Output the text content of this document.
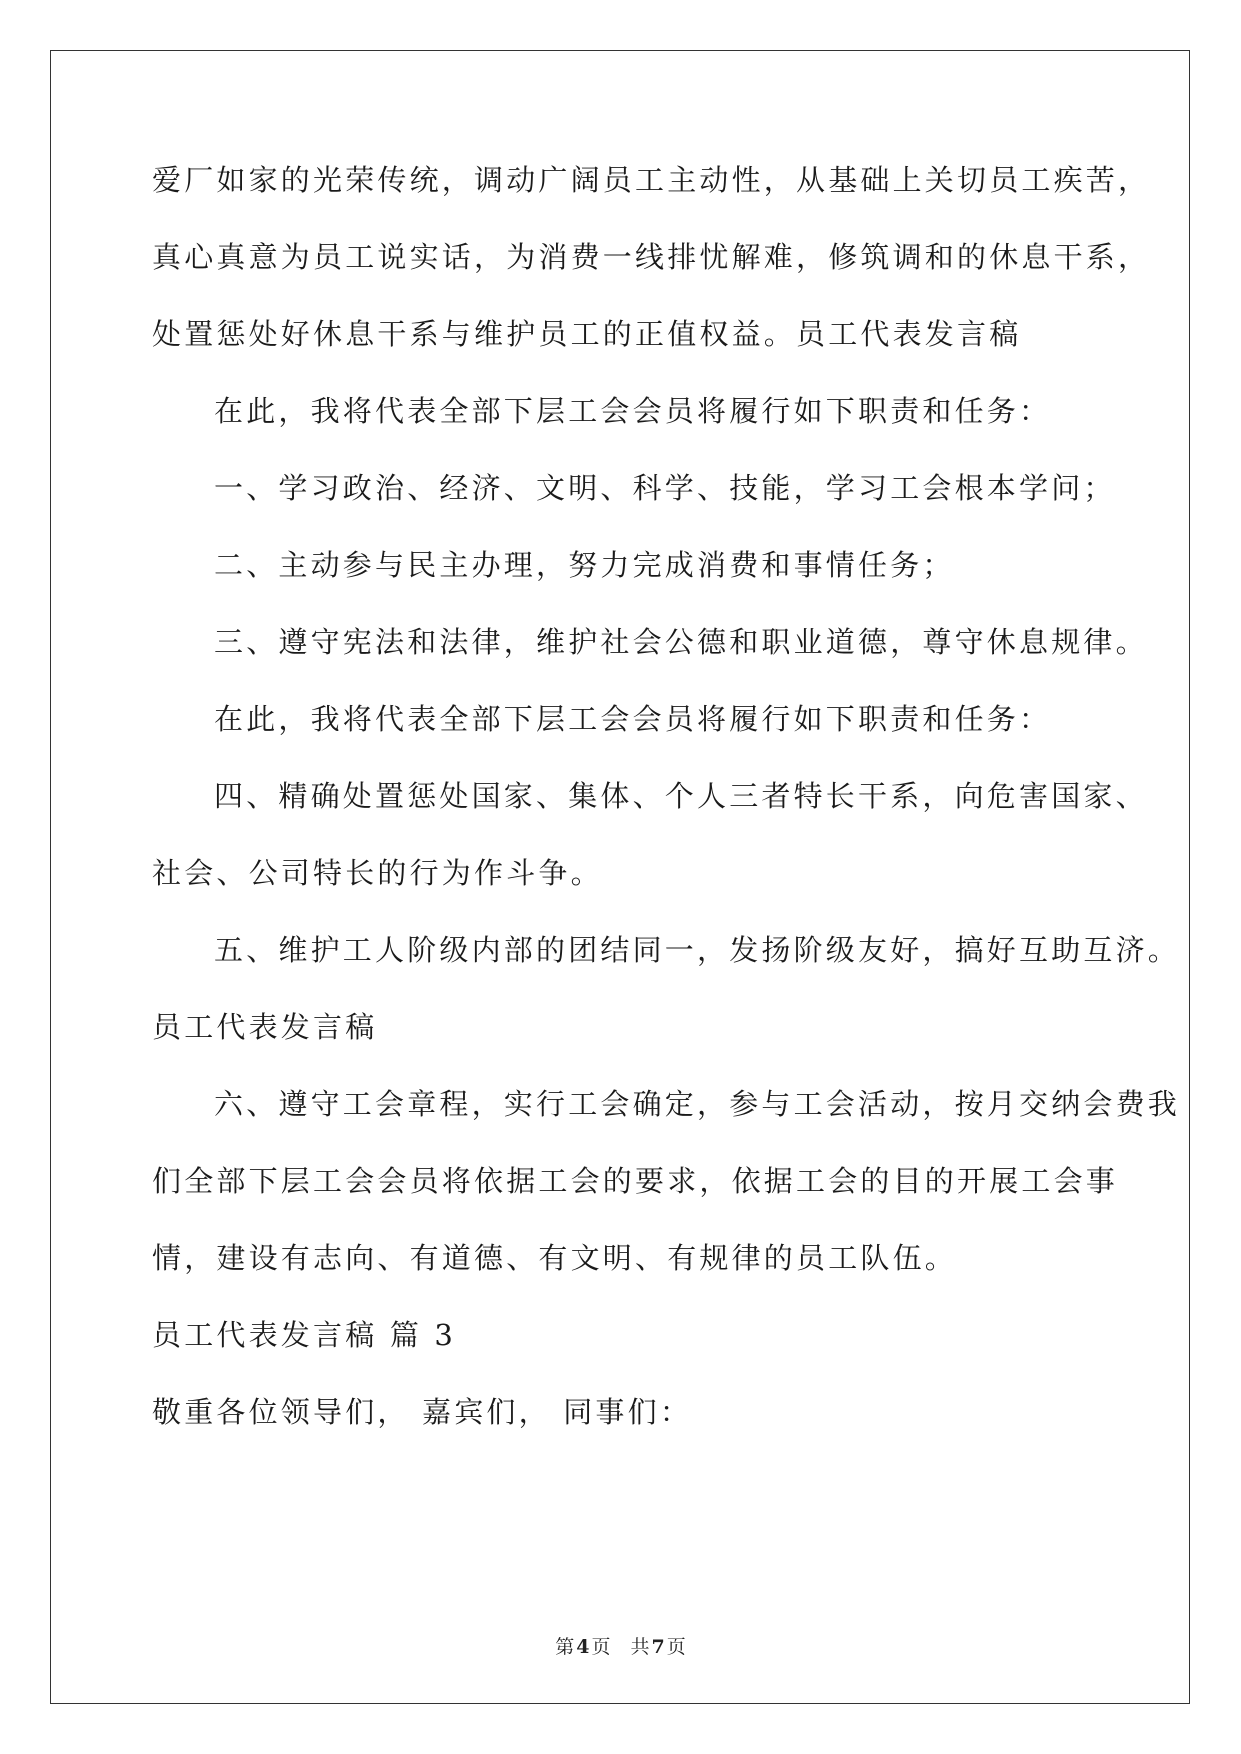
爱厂如家的光荣传统，调动广阔员工主动性，从基础上关切员工疾苦，
真心真意为员工说实话，为消费一线排忧解难，修筑调和的休息干系，
处置惩处好休息干系与维护员工的正值权益。员工代表发言稿
在此，我将代表全部下层工会会员将履行如下职责和任务：
一、学习政治、经济、文明、科学、技能，学习工会根本学问；
二、主动参与民主办理，努力完成消费和事情任务；
三、遵守宪法和法律，维护社会公德和职业道德，尊守休息规律。
在此，我将代表全部下层工会会员将履行如下职责和任务：
四、精确处置惩处国家、集体、个人三者特长干系，向危害国家、
社会、公司特长的行为作斗争。
五、维护工人阶级内部的团结同一，发扬阶级友好，搞好互助互济。
员工代表发言稿
六、遵守工会章程，实行工会确定，参与工会活动，按月交纳会费我
们全部下层工会会员将依据工会的要求，依据工会的目的开展工会事
情，建设有志向、有道德、有文明、有规律的员工队伍。
员工代表发言稿 篇 3
敬重各位领导们， 嘉宾们， 同事们：
第 4 页 共 7 页
